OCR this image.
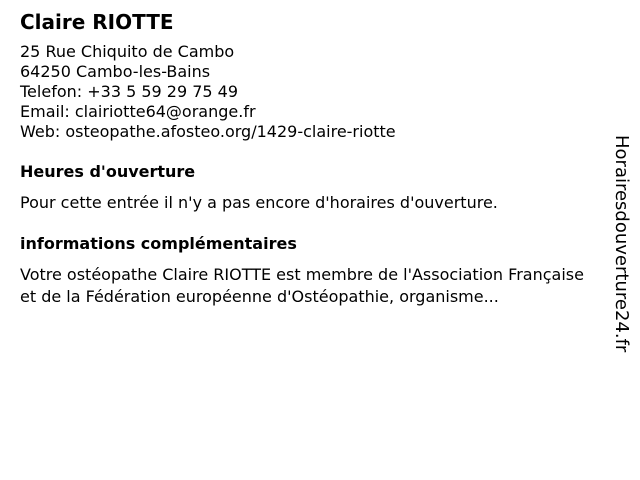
Claire RIOTTE
25 Rue Chiquito de Cambo
64250 Cambo-les-Bains
Telefon: +33 5 59 29 75 49
Email: clairiotte64@orange.fr
Web: osteopathe.afosteo.org/1429-claire-riotte
Heures d'ouverture
Pour cette entrée il n'y a pas encore d'horaires d'ouverture.
informations complémentaires
Votre ostéopathe Claire RIOTTE est membre de l'Association Française et de la Fédération européenne d'Ostéopathie, organisme...	Horairesdouverture24.fr
